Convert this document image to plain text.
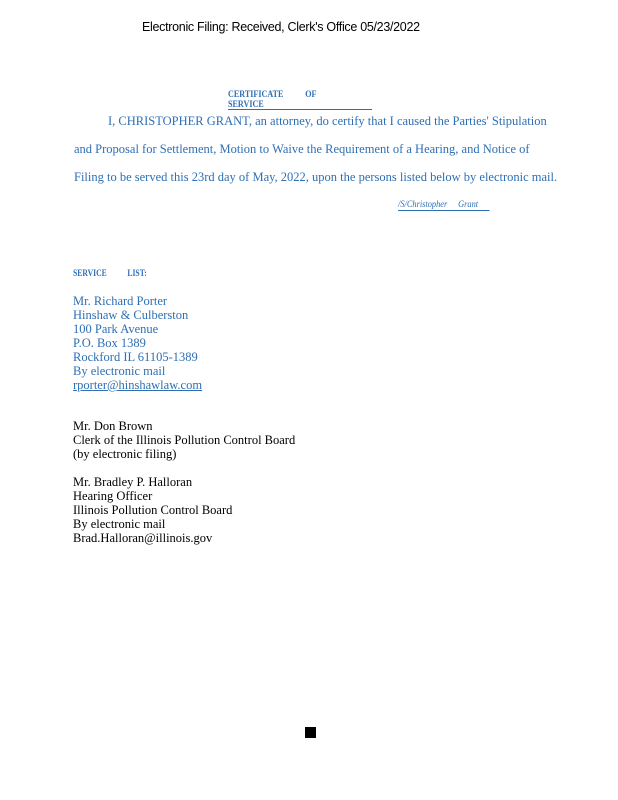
Electronic Filing: Received, Clerk's Office 05/23/2022
CERTIFICATE OF SERVICE
I, CHRISTOPHER GRANT, an attorney, do certify that I caused the Parties' Stipulation
and Proposal for Settlement, Motion to Waive the Requirement of a Hearing, and Notice of
Filing to be served this 23rd day of May, 2022, upon the persons listed below by electronic mail.
/S/Christopher Grant
SERVICE LIST:
Mr. Richard Porter
Hinshaw & Culberston
100 Park Avenue
P.O. Box 1389
Rockford IL 61105-1389
By electronic mail
rporter@hinshawlaw.com
Mr. Don Brown
Clerk of the Illinois Pollution Control Board
(by electronic filing)
Mr. Bradley P. Halloran
Hearing Officer
Illinois Pollution Control Board
By electronic mail
Brad.Halloran@illinois.gov
